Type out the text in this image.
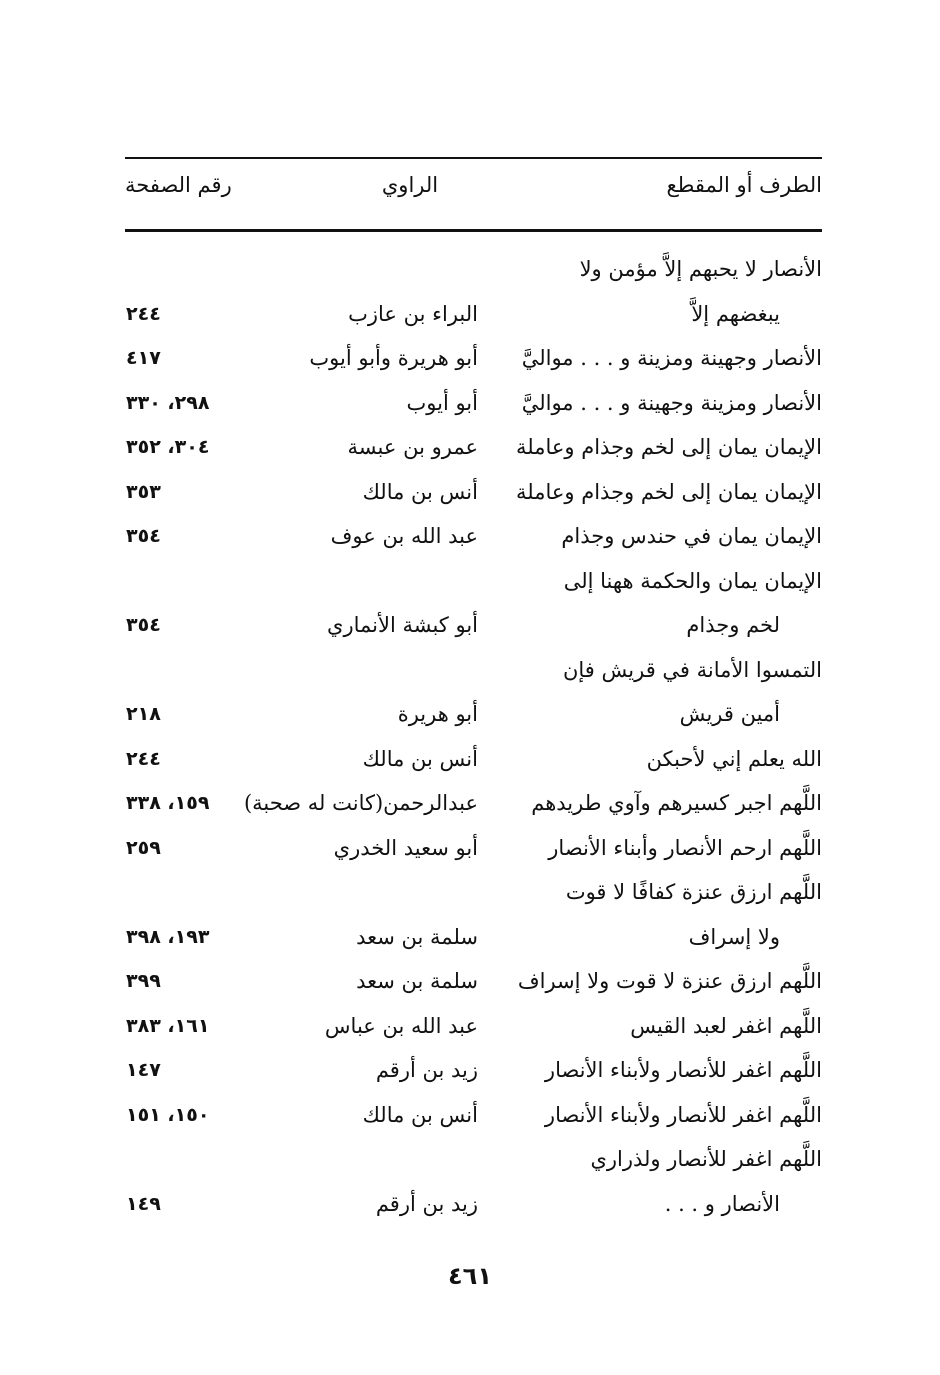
الطرف أو المقطع
الراوي
رقم الصفحة
الأنصار لا يحبهم إلاَّ مؤمن ولا
يبغضهم إلاَّ
البراء بن عازب
٢٤٤
الأنصار وجهينة ومزينة و . . . مواليَّ
أبو هريرة وأبو أيوب
٤١٧
الأنصار ومزينة وجهينة و . . . مواليَّ
أبو أيوب
٢٩٨، ٣٣٠
الإيمان يمان إلى لخم وجذام وعاملة
عمرو بن عبسة
٣٠٤، ٣٥٢
الإيمان يمان إلى لخم وجذام وعاملة
أنس بن مالك
٣٥٣
الإيمان يمان في حندس وجذام
عبد الله بن عوف
٣٥٤
الإيمان يمان والحكمة ههنا إلى
لخم وجذام
أبو كبشة الأنماري
٣٥٤
التمسوا الأمانة في قريش فإن
أمين قريش
أبو هريرة
٢١٨
الله يعلم إني لأحبكن
أنس بن مالك
٢٤٤
اللَّهم اجبر كسيرهم وآوي طريدهم
عبدالرحمن(كانت له صحبة)
١٥٩، ٣٣٨
اللَّهم ارحم الأنصار وأبناء الأنصار
أبو سعيد الخدري
٢٥٩
اللَّهم ارزق عنزة كفافًا لا قوت
ولا إسراف
سلمة بن سعد
١٩٣، ٣٩٨
اللَّهم ارزق عنزة لا قوت ولا إسراف
سلمة بن سعد
٣٩٩
اللَّهم اغفر لعبد القيس
عبد الله بن عباس
١٦١، ٣٨٣
اللَّهم اغفر للأنصار ولأبناء الأنصار
زيد بن أرقم
١٤٧
اللَّهم اغفر للأنصار ولأبناء الأنصار
أنس بن مالك
١٥٠، ١٥١
اللَّهم اغفر للأنصار ولذراري
الأنصار و . . .
زيد بن أرقم
١٤٩
٤٦١
